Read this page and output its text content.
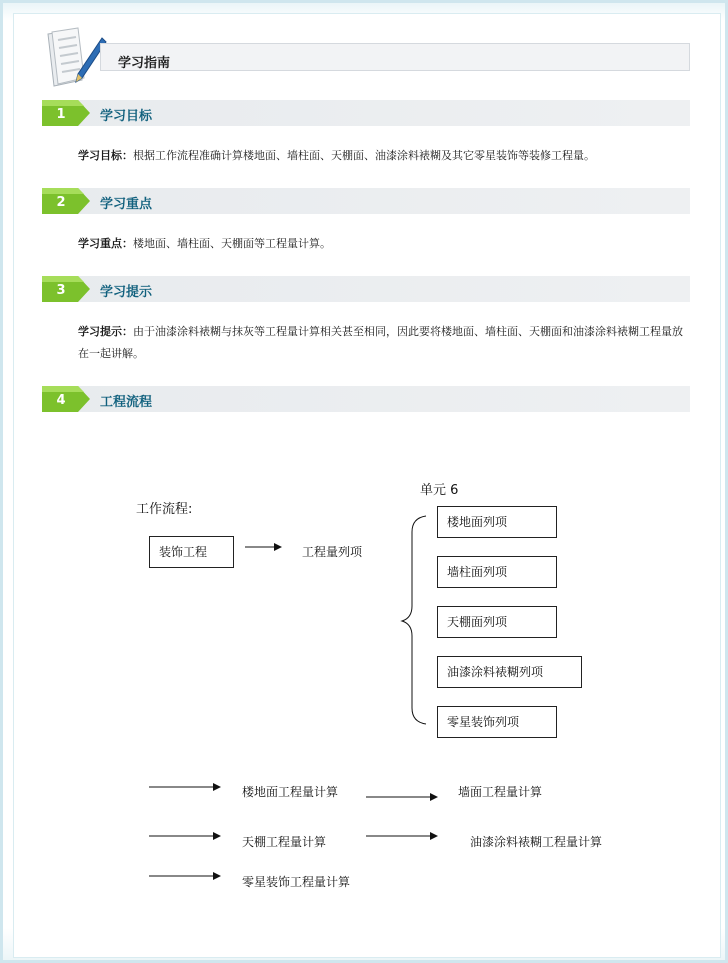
学习指南
1	学习目标
学习目标：根据工作流程准确计算楼地面、墙柱面、天棚面、油漆涂料裱糊及其它零星装饰等装修工程量。
2	学习重点
学习重点：楼地面、墙柱面、天棚面等工程量计算。
3	学习提示
学习提示：由于油漆涂料裱糊与抹灰等工程量计算相关甚至相同，因此要将楼地面、墙柱面、天棚面和油漆涂料裱糊工程量放在一起讲解。
4	工程流程
单元 6
工作流程:
装饰工程	工程量列项
楼地面列项
墙柱面列项
天棚面列项
油漆涂料裱糊列项
零星装饰列项
楼地面工程量计算	墙面工程量计算
天棚工程量计算	油漆涂料裱糊工程量计算
零星装饰工程量计算
